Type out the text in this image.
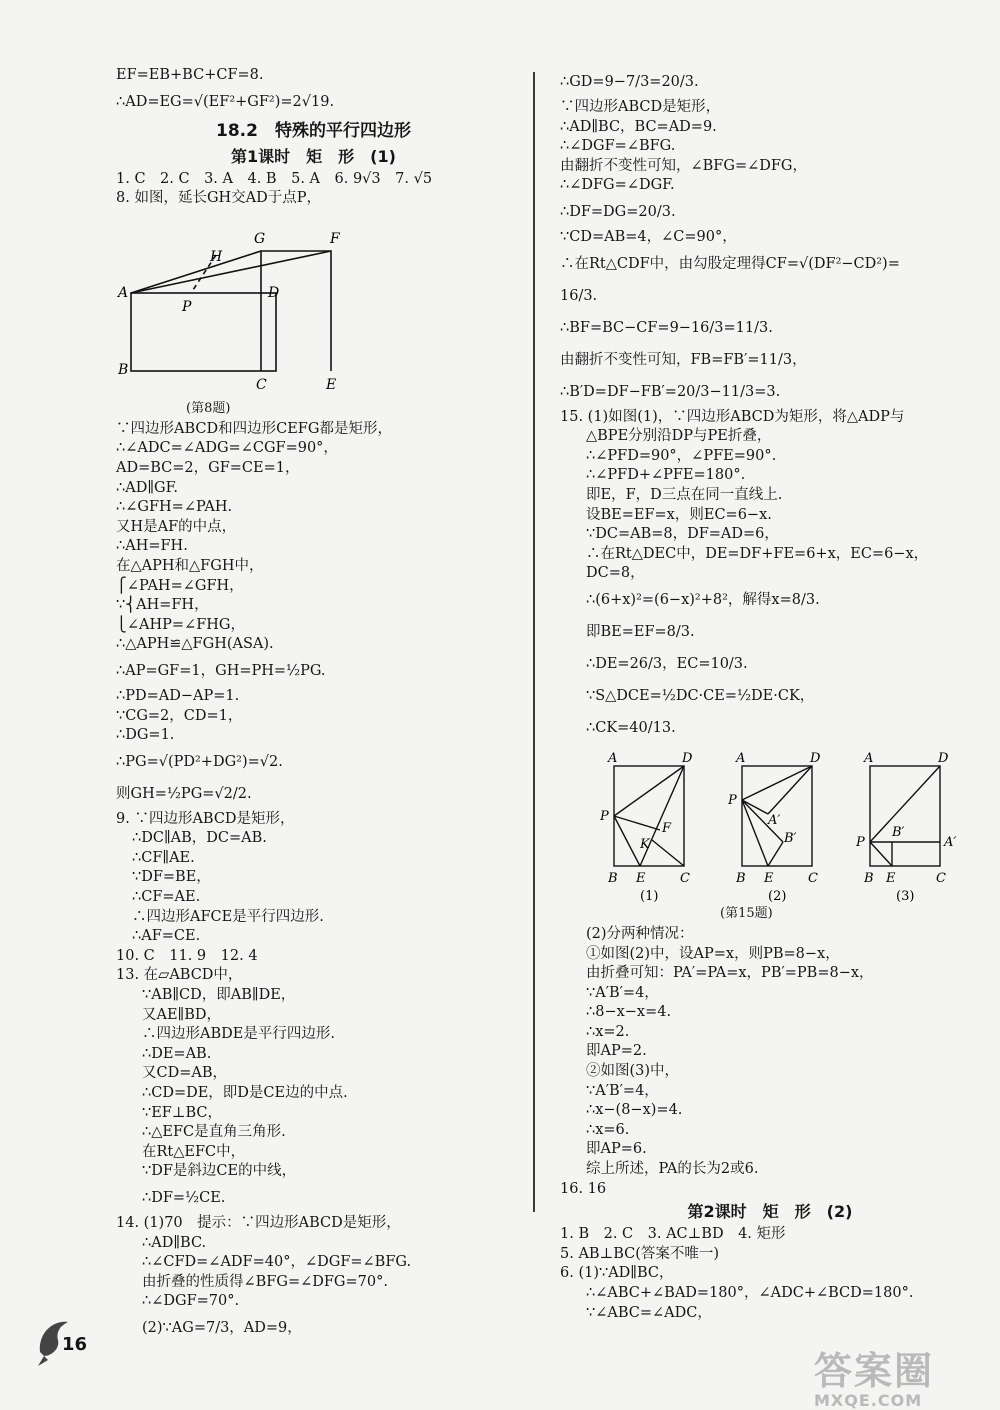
EF=EB+BC+CF=8.
∴AD=EG=√(EF²+GF²)=2√19.
18.2　特殊的平行四边形
第1课时　矩　形　(1)
1. C　2. C　3. A　4. B　5. A　6. 9√3　7. √5
8. 如图，延长GH交AD于点P，
A
B
C
D
E
F
G
H
P
(第8题)
∵四边形ABCD和四边形CEFG都是矩形，
∴∠ADC=∠ADG=∠CGF=90°，
AD=BC=2，GF=CE=1，
∴AD∥GF.
∴∠GFH=∠PAH.
又H是AF的中点，
∴AH=FH.
在△APH和△FGH中，
⎧∠PAH=∠GFH，
∵⎨AH=FH，
⎩∠AHP=∠FHG，
∴△APH≌△FGH(ASA).
∴AP=GF=1，GH=PH=½PG.
∴PD=AD−AP=1.
∵CG=2，CD=1，
∴DG=1.
∴PG=√(PD²+DG²)=√2.
则GH=½PG=√2/2.
9. ∵四边形ABCD是矩形，
∴DC∥AB，DC=AB.
∴CF∥AE.
∵DF=BE，
∴CF=AE.
∴四边形AFCE是平行四边形.
∴AF=CE.
10. C　11. 9　12. 4
13. 在▱ABCD中，
∵AB∥CD，即AB∥DE，
又AE∥BD，
∴四边形ABDE是平行四边形.
∴DE=AB.
又CD=AB，
∴CD=DE，即D是CE边的中点.
∵EF⊥BC，
∴△EFC是直角三角形.
在Rt△EFC中，
∵DF是斜边CE的中线，
∴DF=½CE.
14. (1)70　提示：∵四边形ABCD是矩形，
∴AD∥BC.
∴∠CFD=∠ADF=40°，∠DGF=∠BFG.
由折叠的性质得∠BFG=∠DFG=70°.
∴∠DGF=70°.
(2)∵AG=7/3，AD=9，
∴GD=9−7/3=20/3.
∵四边形ABCD是矩形，
∴AD∥BC，BC=AD=9.
∴∠DGF=∠BFG.
由翻折不变性可知，∠BFG=∠DFG，
∴∠DFG=∠DGF.
∴DF=DG=20/3.
∵CD=AB=4，∠C=90°，
∴在Rt△CDF中，由勾股定理得CF=√(DF²−CD²)=
16/3.
∴BF=BC−CF=9−16/3=11/3.
由翻折不变性可知，FB=FB′=11/3，
∴B′D=DF−FB′=20/3−11/3=3.
15. (1)如图(1)，∵四边形ABCD为矩形，将△ADP与
△BPE分别沿DP与PE折叠，
∴∠PFD=90°，∠PFE=90°.
∴∠PFD+∠PFE=180°.
即E，F，D三点在同一直线上.
设BE=EF=x，则EC=6−x.
∵DC=AB=8，DF=AD=6，
∴在Rt△DEC中，DE=DF+FE=6+x，EC=6−x，
DC=8，
∴(6+x)²=(6−x)²+8²，解得x=8/3.
即BE=EF=8/3.
∴DE=26/3，EC=10/3.
∵S△DCE=½DC·CE=½DE·CK，
∴CK=40/13.
A	D
P
F
K
B E	C
(1)
A	D
P
A′
B′
B E	C
(2)
A	D
P
B′
A′
B E	C
(3)
(第15题)
(2)分两种情况：
①如图(2)中，设AP=x，则PB=8−x，
由折叠可知：PA′=PA=x，PB′=PB=8−x，
∵A′B′=4，
∴8−x−x=4.
∴x=2.
即AP=2.
②如图(3)中，
∵A′B′=4，
∴x−(8−x)=4.
∴x=6.
即AP=6.
综上所述，PA的长为2或6.
16. 16
第2课时　矩　形　(2)
1. B　2. C　3. AC⊥BD　4. 矩形
5. AB⊥BC(答案不唯一)
6. (1)∵AD∥BC，
∴∠ABC+∠BAD=180°，∠ADC+∠BCD=180°.
∵∠ABC=∠ADC，
16
答案圈
MXQE.COM
